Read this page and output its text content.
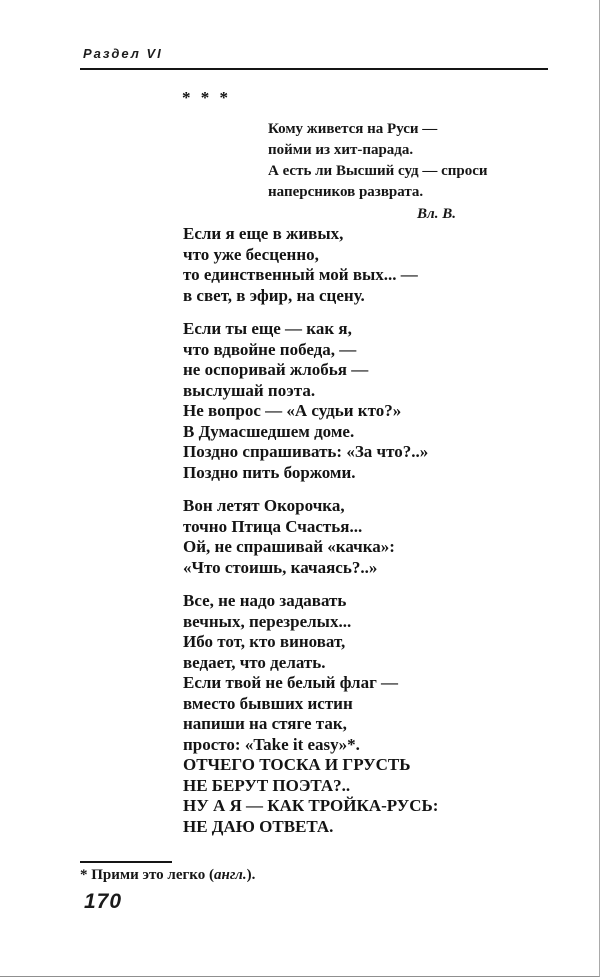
Раздел VI
* * *
Кому живется на Руси —
пойми из хит-парада.
А есть ли Высший суд — спроси
наперсников разврата.
Вл. В.
Если я еще в живых,
что уже бесценно,
то единственный мой вых... —
в свет, в эфир, на сцену.
Если ты еще — как я,
что вдвойне победа, —
не оспоривай жлобья —
выслушай поэта.
Не вопрос — «А судьи кто?»
В Думасшедшем доме.
Поздно спрашивать: «За что?..»
Поздно пить боржоми.
Вон летят Окорочка,
точно Птица Счастья...
Ой, не спрашивай «качка»:
«Что стоишь, качаясь?..»
Все, не надо задавать
вечных, перезрелых...
Ибо тот, кто виноват,
ведает, что делать.
Если твой не белый флаг —
вместо бывших истин
напиши на стяге так,
просто: «Take it easy»*.
ОТЧЕГО ТОСКА И ГРУСТЬ
НЕ БЕРУТ ПОЭТА?..
НУ А Я — КАК ТРОЙКА-РУСЬ:
НЕ ДАЮ ОТВЕТА.
* Прими это легко (англ.).
170
